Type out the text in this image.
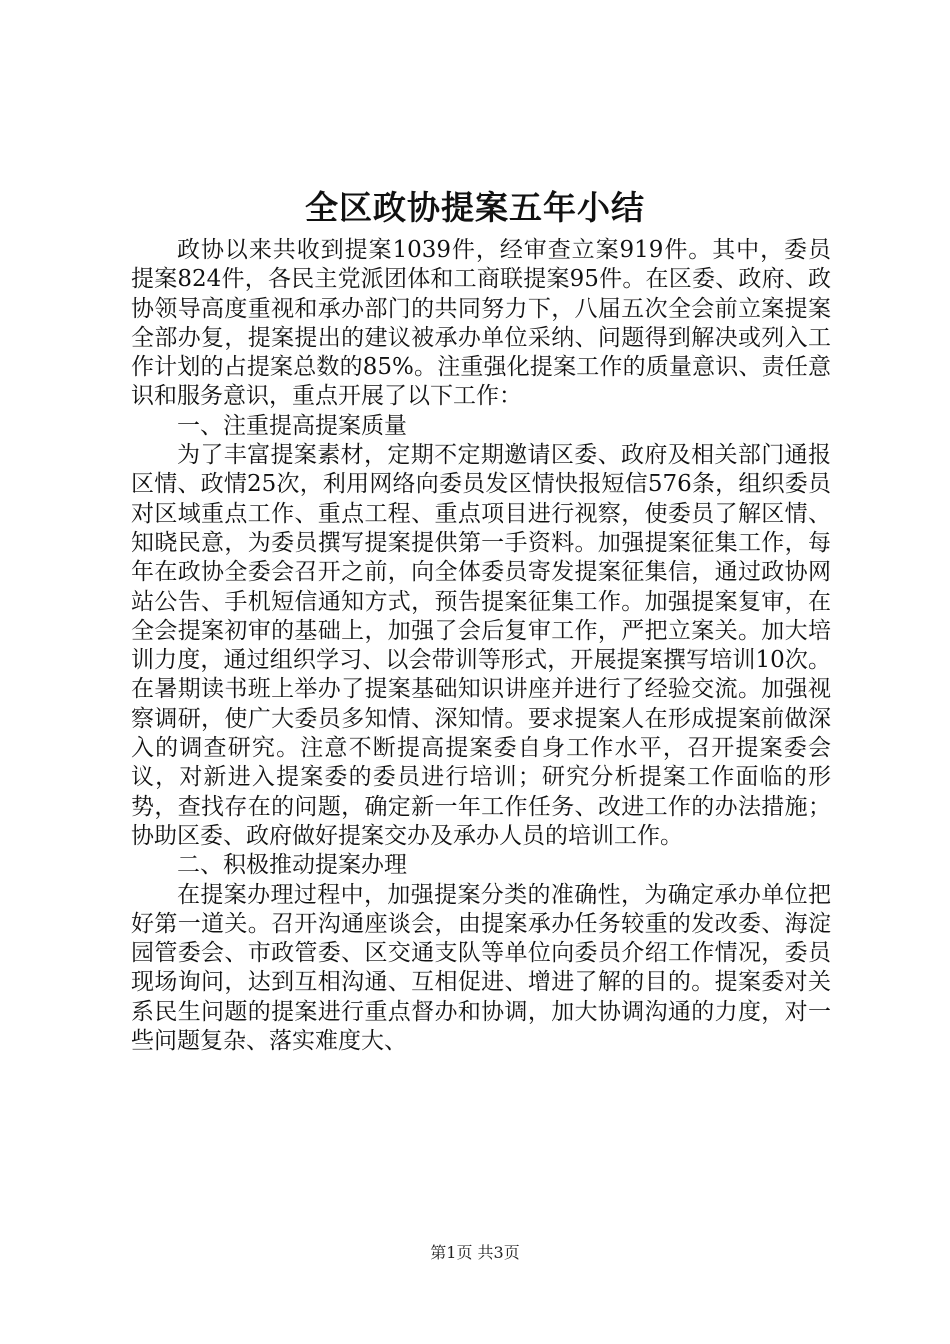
全区政协提案五年小结

政协以来共收到提案1039件，经审查立案919件。其中，委员提案824件，各民主党派团体和工商联提案95件。在区委、政府、政协领导高度重视和承办部门的共同努力下，八届五次全会前立案提案全部办复，提案提出的建议被承办单位采纳、问题得到解决或列入工作计划的占提案总数的85%。注重强化提案工作的质量意识、责任意识和服务意识，重点开展了以下工作：

一、注重提高提案质量

为了丰富提案素材，定期不定期邀请区委、政府及相关部门通报区情、政情25次，利用网络向委员发区情快报短信576条，组织委员对区域重点工作、重点工程、重点项目进行视察，使委员了解区情、知晓民意，为委员撰写提案提供第一手资料。加强提案征集工作，每年在政协全委会召开之前，向全体委员寄发提案征集信，通过政协网站公告、手机短信通知方式，预告提案征集工作。加强提案复审，在全会提案初审的基础上，加强了会后复审工作，严把立案关。加大培训力度，通过组织学习、以会带训等形式，开展提案撰写培训10次。在暑期读书班上举办了提案基础知识讲座并进行了经验交流。加强视察调研，使广大委员多知情、深知情。要求提案人在形成提案前做深入的调查研究。注意不断提高提案委自身工作水平，召开提案委会议，对新进入提案委的委员进行培训；研究分析提案工作面临的形势，查找存在的问题，确定新一年工作任务、改进工作的办法措施；协助区委、政府做好提案交办及承办人员的培训工作。

二、积极推动提案办理

在提案办理过程中，加强提案分类的准确性，为确定承办单位把好第一道关。召开沟通座谈会，由提案承办任务较重的发改委、海淀园管委会、市政管委、区交通支队等单位向委员介绍工作情况，委员现场询问，达到互相沟通、互相促进、增进了解的目的。提案委对关系民生问题的提案进行重点督办和协调，加大协调沟通的力度，对一些问题复杂、落实难度大、

第1页 共3页
